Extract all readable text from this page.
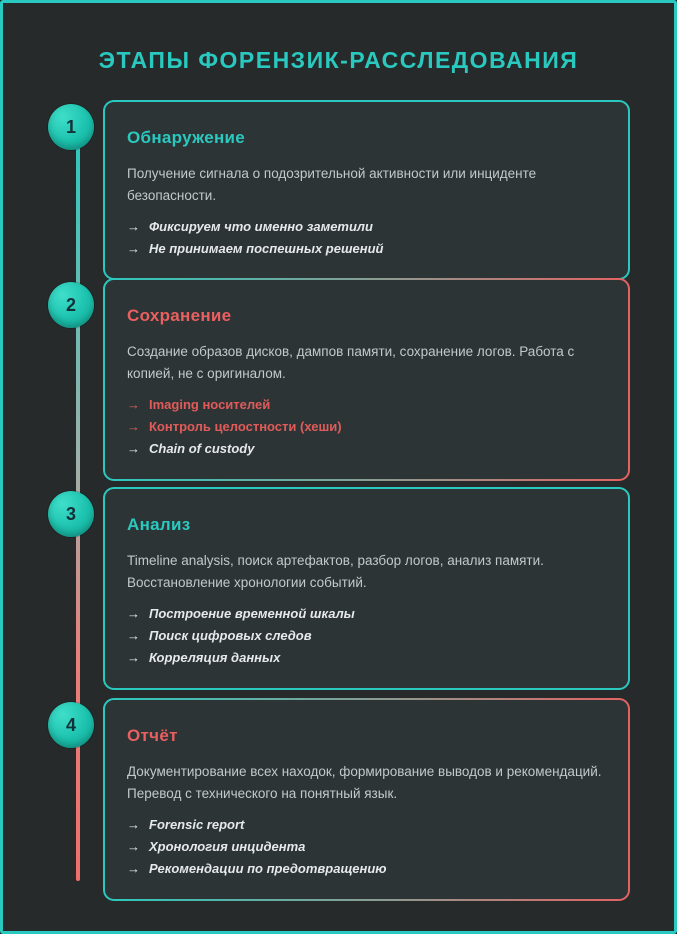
ЭТАПЫ ФОРЕНЗИК-РАССЛЕДОВАНИЯ
1
Обнаружение
Получение сигнала о подозрительной активности или инциденте безопасности.
→ Фиксируем что именно заметили
→ Не принимаем поспешных решений
2
Сохранение
Создание образов дисков, дампов памяти, сохранение логов. Работа с копией, не с оригиналом.
→ Imaging носителей
→ Контроль целостности (хеши)
→ Chain of custody
3
Анализ
Timeline analysis, поиск артефактов, разбор логов, анализ памяти. Восстановление хронологии событий.
→ Построение временной шкалы
→ Поиск цифровых следов
→ Корреляция данных
4
Отчёт
Документирование всех находок, формирование выводов и рекомендаций. Перевод с технического на понятный язык.
→ Forensic report
→ Хронология инцидента
→ Рекомендации по предотвращению
